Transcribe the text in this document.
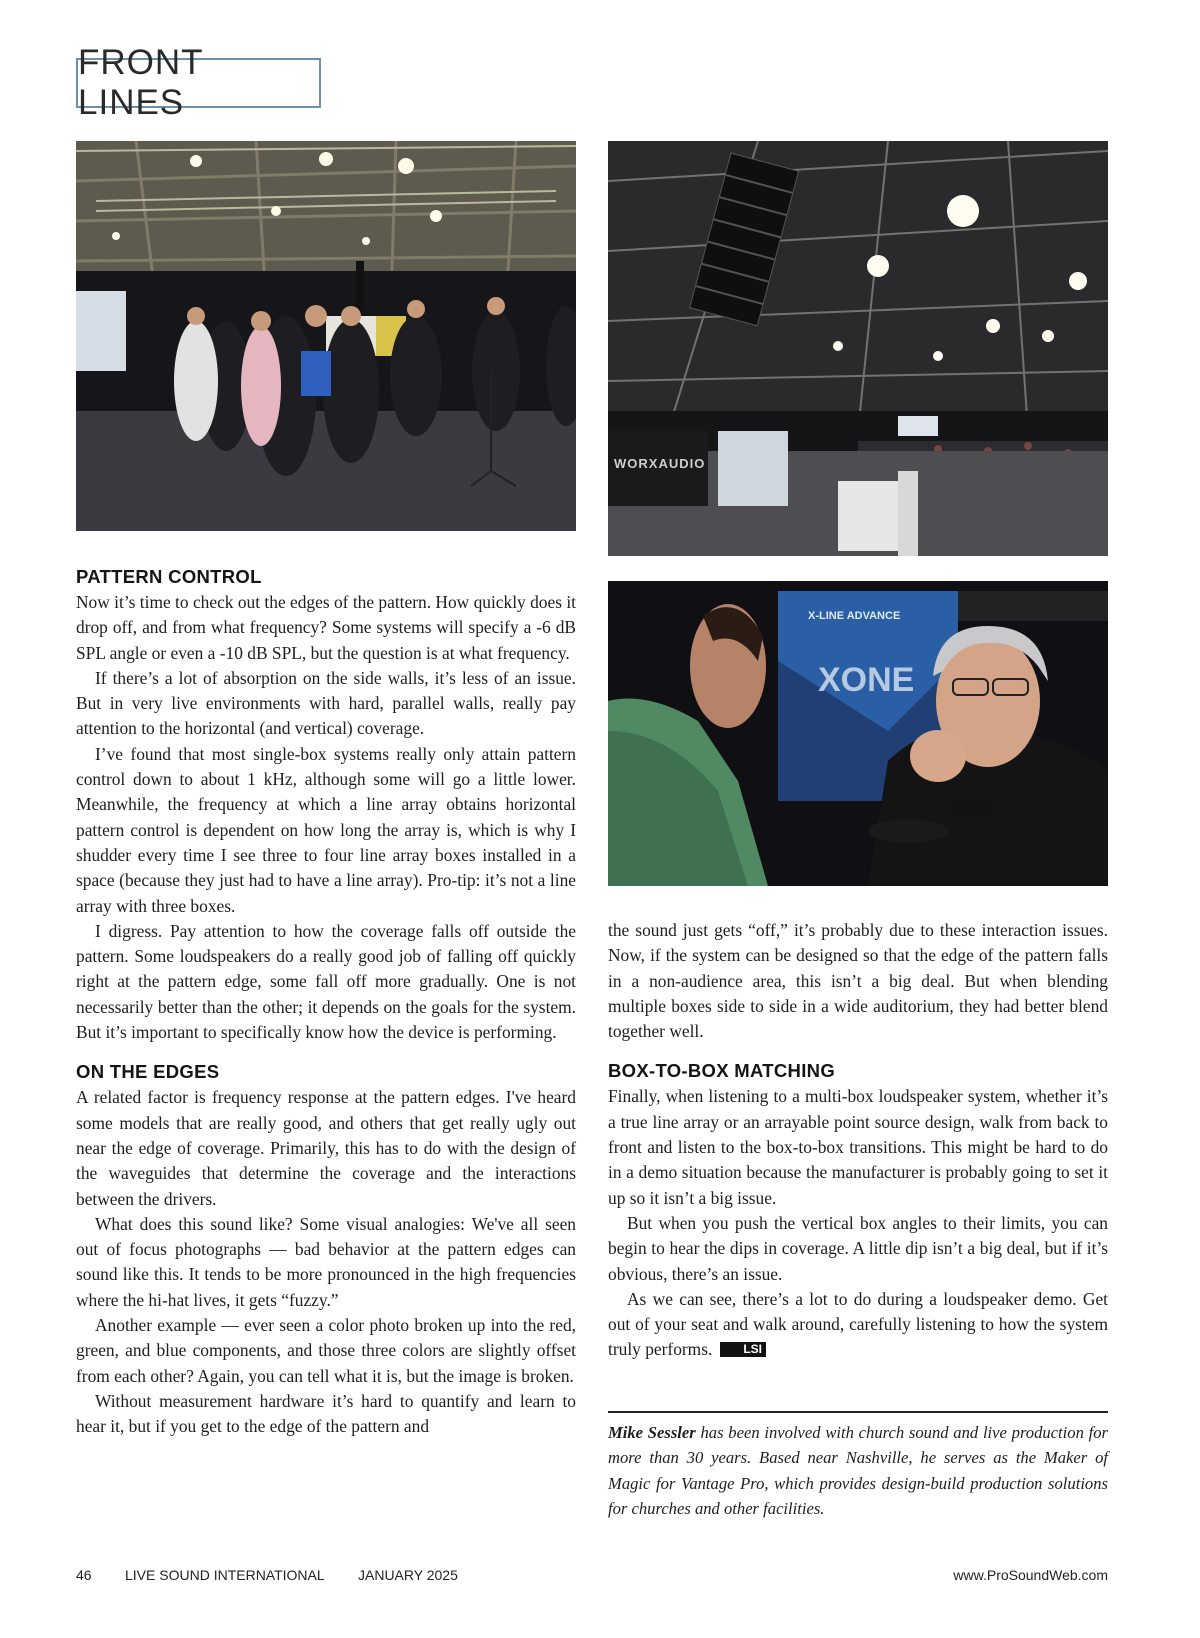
FRONT LINES
WORXAUDIO
X-LINE ADVANCE
XONE
PATTERN CONTROL

Now it’s time to check out the edges of the pattern. How quickly does it drop off, and from what frequency? Some systems will specify a -6 dB SPL angle or even a -10 dB SPL, but the question is at what frequency.

If there’s a lot of absorption on the side walls, it’s less of an issue. But in very live environments with hard, parallel walls, really pay attention to the horizontal (and vertical) coverage.

I’ve found that most single-box systems really only attain pattern control down to about 1 kHz, although some will go a little lower. Meanwhile, the frequency at which a line array obtains horizontal pattern control is dependent on how long the array is, which is why I shudder every time I see three to four line array boxes installed in a space (because they just had to have a line array). Pro-tip: it’s not a line array with three boxes.

I digress. Pay attention to how the coverage falls off outside the pattern. Some loudspeakers do a really good job of falling off quickly right at the pattern edge, some fall off more gradually. One is not necessarily better than the other; it depends on the goals for the system. But it’s important to specifically know how the device is performing.

ON THE EDGES

A related factor is frequency response at the pattern edges. I've heard some models that are really good, and others that get really ugly out near the edge of coverage. Primarily, this has to do with the design of the waveguides that determine the coverage and the interactions between the drivers.

What does this sound like? Some visual analogies: We've all seen out of focus photographs — bad behavior at the pattern edges can sound like this. It tends to be more pronounced in the high frequencies where the hi-hat lives, it gets “fuzzy.”

Another example — ever seen a color photo broken up into the red, green, and blue components, and those three colors are slightly offset from each other? Again, you can tell what it is, but the image is broken.

Without measurement hardware it’s hard to quantify and learn to hear it, but if you get to the edge of the pattern and

the sound just gets “off,” it’s probably due to these interaction issues. Now, if the system can be designed so that the edge of the pattern falls in a non-audience area, this isn’t a big deal. But when blending multiple boxes side to side in a wide auditorium, they had better blend together well.

BOX-TO-BOX MATCHING

Finally, when listening to a multi-box loudspeaker system, whether it’s a true line array or an arrayable point source design, walk from back to front and listen to the box-to-box transitions. This might be hard to do in a demo situation because the manufacturer is probably going to set it up so it isn’t a big issue.

But when you push the vertical box angles to their limits, you can begin to hear the dips in coverage. A little dip isn’t a big deal, but if it’s obvious, there’s an issue.

As we can see, there’s a lot to do during a loudspeaker demo. Get out of your seat and walk around, carefully listening to how the system truly performs.	LSI

Mike Sessler has been involved with church sound and live production for more than 30 years. Based near Nashville, he serves as the Maker of Magic for Vantage Pro, which provides design-build production solutions for churches and other facilities.
46 LIVE SOUND INTERNATIONAL JANUARY 2025	www.ProSoundWeb.com
